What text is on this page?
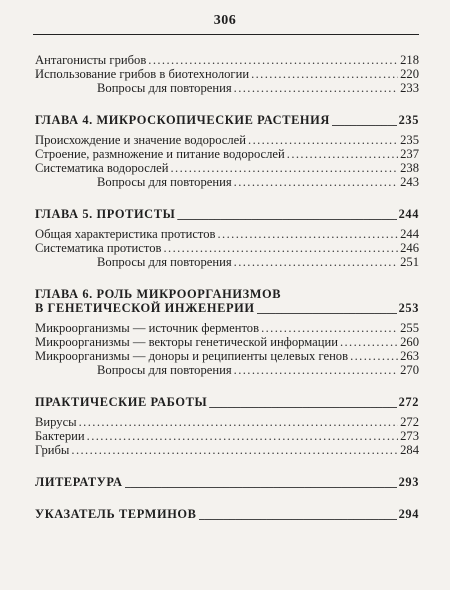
306
Антагонисты грибов .....	218
Использование грибов в биотехнологии .....	220
Вопросы для повторения .....	233
ГЛАВА 4. МИКРОСКОПИЧЕСКИЕ РАСТЕНИЯ _____	235
Происхождение и значение водорослей .....	235
Строение, размножение и питание водорослей .....	237
Систематика водорослей .....	238
Вопросы для повторения .....	243
ГЛАВА 5. ПРОТИСТЫ _____	244
Общая характеристика протистов .....	244
Систематика протистов .....	246
Вопросы для повторения .....	251
ГЛАВА 6. РОЛЬ МИКРООРГАНИЗМОВ
В ГЕНЕТИЧЕСКОЙ ИНЖЕНЕРИИ _____	253
Микроорганизмы — источник ферментов .....	255
Микроорганизмы — векторы генетической информации .....	260
Микроорганизмы — доноры и реципиенты целевых генов .....	263
Вопросы для повторения .....	270
ПРАКТИЧЕСКИЕ РАБОТЫ _____	272
Вирусы .....	272
Бактерии .....	273
Грибы .....	284
ЛИТЕРАТУРА _____	293
УКАЗАТЕЛЬ ТЕРМИНОВ _____	294
